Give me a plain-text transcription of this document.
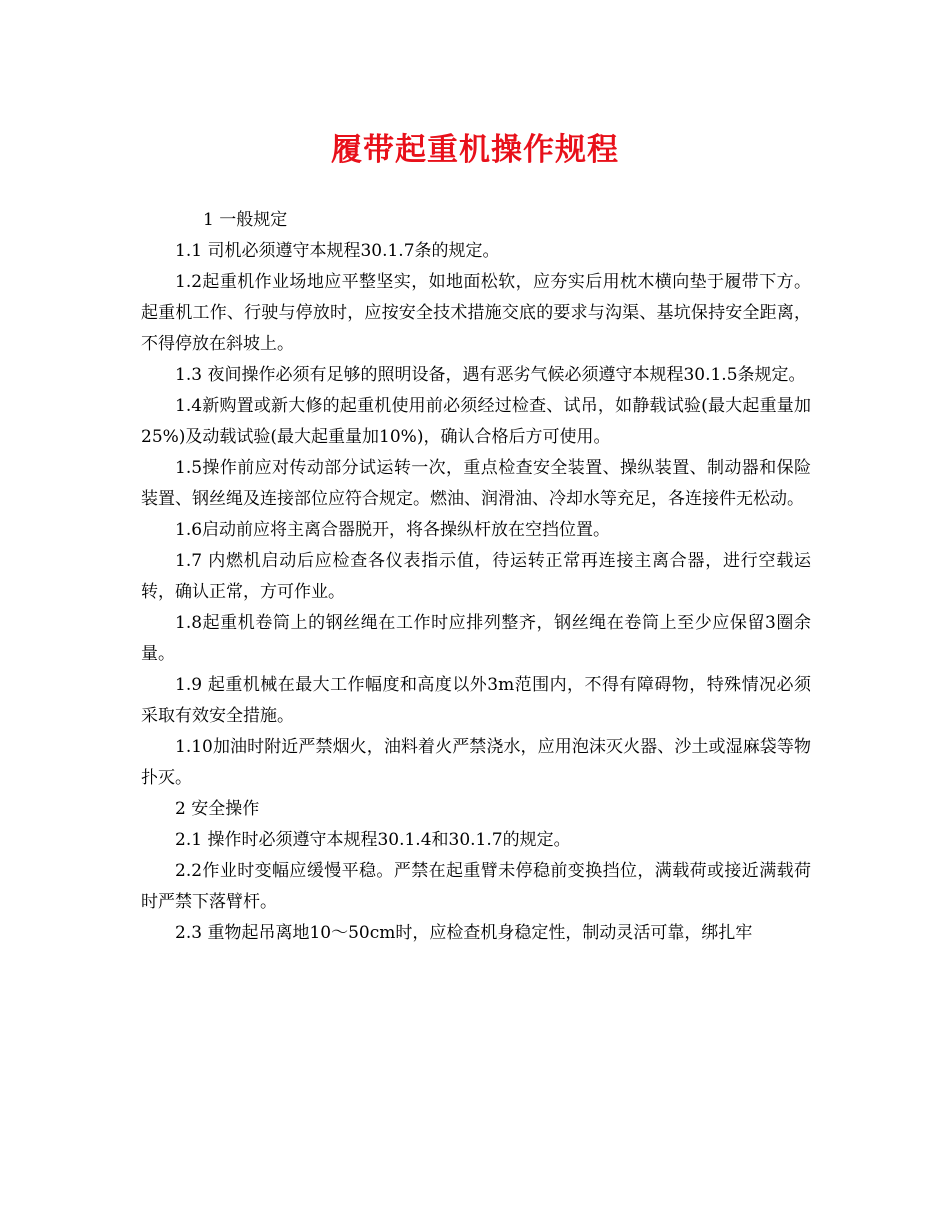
履带起重机操作规程

1 一般规定

1.1 司机必须遵守本规程30.1.7条的规定。

1.2起重机作业场地应平整坚实，如地面松软，应夯实后用枕木横向垫于履带下方。起重机工作、行驶与停放时，应按安全技术措施交底的要求与沟渠、基坑保持安全距离，不得停放在斜坡上。

1.3 夜间操作必须有足够的照明设备，遇有恶劣气候必须遵守本规程30.1.5条规定。

1.4新购置或新大修的起重机使用前必须经过检查、试吊，如静载试验(最大起重量加25%)及动载试验(最大起重量加10%)，确认合格后方可使用。

1.5操作前应对传动部分试运转一次，重点检查安全装置、操纵装置、制动器和保险装置、钢丝绳及连接部位应符合规定。燃油、润滑油、冷却水等充足，各连接件无松动。

1.6启动前应将主离合器脱开，将各操纵杆放在空挡位置。

1.7 内燃机启动后应检查各仪表指示值，待运转正常再连接主离合器，进行空载运转，确认正常，方可作业。

1.8起重机卷筒上的钢丝绳在工作时应排列整齐，钢丝绳在卷筒上至少应保留3圈余量。

1.9 起重机械在最大工作幅度和高度以外3m范围内，不得有障碍物，特殊情况必须采取有效安全措施。

1.10加油时附近严禁烟火，油料着火严禁浇水，应用泡沫灭火器、沙土或湿麻袋等物扑灭。

2 安全操作

2.1 操作时必须遵守本规程30.1.4和30.1.7的规定。

2.2作业时变幅应缓慢平稳。严禁在起重臂未停稳前变换挡位，满载荷或接近满载荷时严禁下落臂杆。

2.3 重物起吊离地10～50cm时，应检查机身稳定性，制动灵活可靠，绑扎牢
